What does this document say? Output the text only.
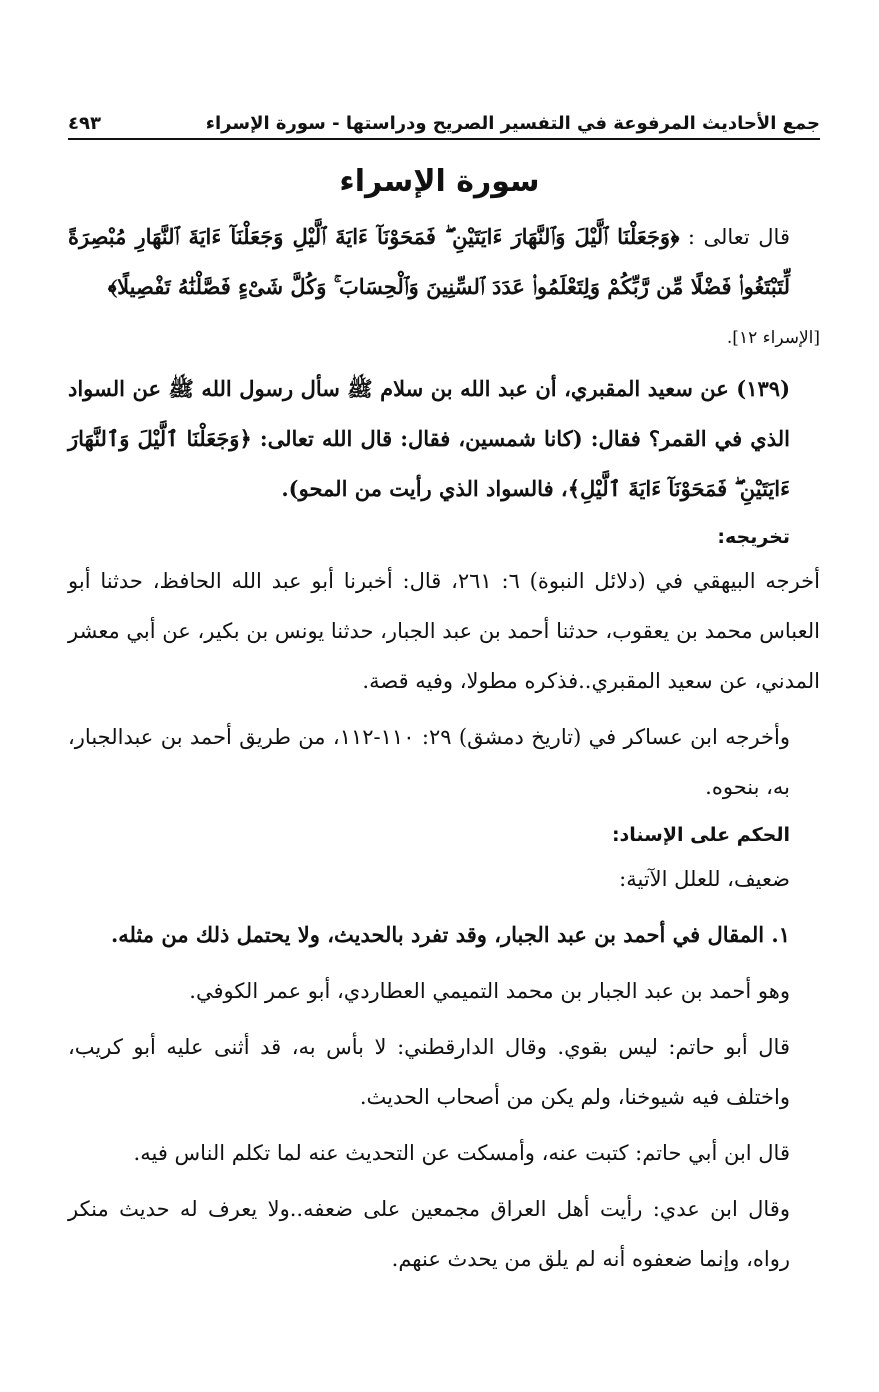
جمع الأحاديث المرفوعة في التفسير الصريح ودراستها - سورة الإسراء
٤٩٣
سورة الإسراء

قال تعالى : ﴿وَجَعَلْنَا ٱلَّيْلَ وَٱلنَّهَارَ ءَايَتَيْنِ ۖ فَمَحَوْنَآ ءَايَةَ ٱلَّيْلِ وَجَعَلْنَآ ءَايَةَ ٱلنَّهَارِ مُبْصِرَةً لِّتَبْتَغُوا۟ فَضْلًا مِّن رَّبِّكُمْ وَلِتَعْلَمُوا۟ عَدَدَ ٱلسِّنِينَ وَٱلْحِسَابَ ۚ وَكُلَّ شَىْءٍ فَصَّلْنَٰهُ تَفْصِيلًا﴾

[الإسراء ١٢].

(١٣٩) عن سعيد المقبري، أن عبد الله بن سلام ﷺ سأل رسول الله ﷺ عن السواد الذي في القمر؟ فقال: (كانا شمسين، فقال: قال الله تعالى: ﴿وَجَعَلْنَا ٱلَّيْلَ وَٱلنَّهَارَ ءَايَتَيْنِ ۖ فَمَحَوْنَآ ءَايَةَ ٱلَّيْلِ﴾، فالسواد الذي رأيت من المحو).

تخريجه:

أخرجه البيهقي في (دلائل النبوة) ٦: ٢٦١، قال: أخبرنا أبو عبد الله الحافظ، حدثنا أبو العباس محمد بن يعقوب، حدثنا أحمد بن عبد الجبار، حدثنا يونس بن بكير، عن أبي معشر المدني، عن سعيد المقبري..فذكره مطولا، وفيه قصة.

وأخرجه ابن عساكر في (تاريخ دمشق) ٢٩: ١١٠-١١٢، من طريق أحمد بن عبدالجبار، به، بنحوه.

الحكم على الإسناد:

ضعيف، للعلل الآتية:

١. المقال في أحمد بن عبد الجبار، وقد تفرد بالحديث، ولا يحتمل ذلك من مثله.

وهو أحمد بن عبد الجبار بن محمد التميمي العطاردي، أبو عمر الكوفي.

قال أبو حاتم: ليس بقوي. وقال الدارقطني: لا بأس به، قد أثنى عليه أبو كريب، واختلف فيه شيوخنا، ولم يكن من أصحاب الحديث.

قال ابن أبي حاتم: كتبت عنه، وأمسكت عن التحديث عنه لما تكلم الناس فيه.

وقال ابن عدي: رأيت أهل العراق مجمعين على ضعفه..ولا يعرف له حديث منكر رواه، وإنما ضعفوه أنه لم يلق من يحدث عنهم.
